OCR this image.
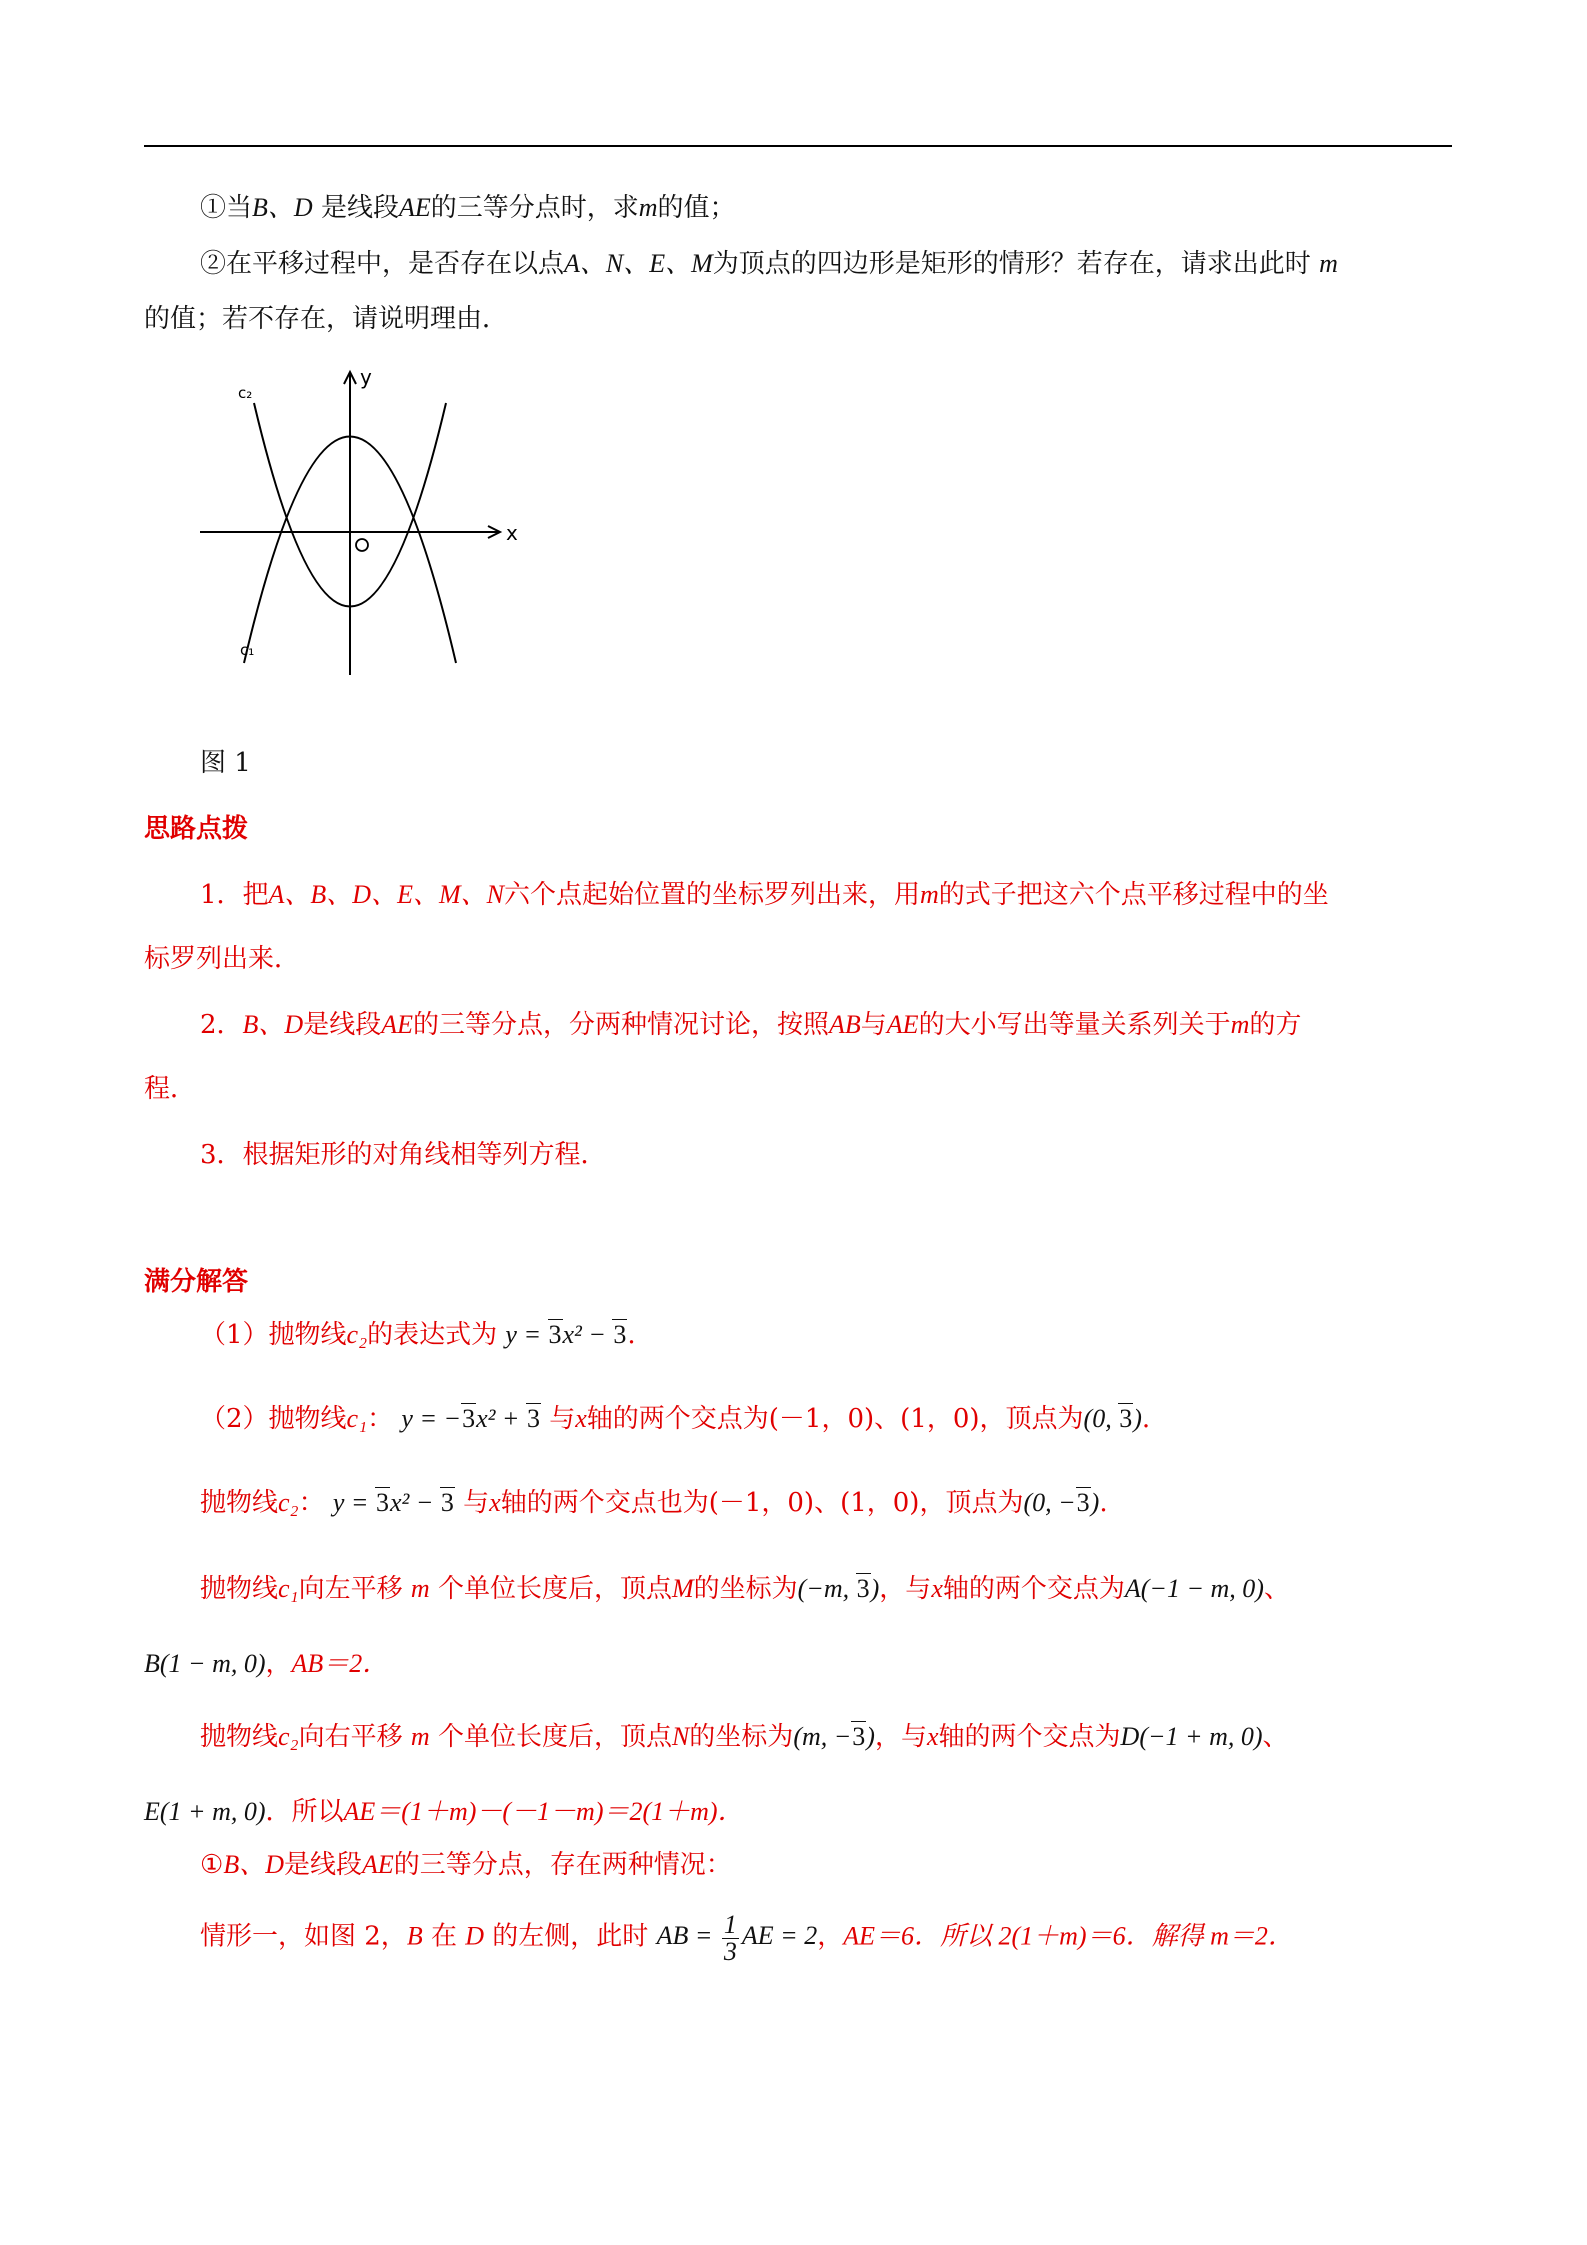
①当B、D 是线段AE的三等分点时，求m的值；
②在平移过程中，是否存在以点A、N、E、M为顶点的四边形是矩形的情形？若存在，请求出此时 m
的值；若不存在，请说明理由．
c₂
c₁
y
x
图 1
思路点拨
1．把A、B、D、E、M、N六个点起始位置的坐标罗列出来，用m的式子把这六个点平移过程中的坐
标罗列出来．
2．B、D是线段AE的三等分点，分两种情况讨论，按照AB与AE的大小写出等量关系列关于m的方
程．
3．根据矩形的对角线相等列方程．
满分解答
（1）抛物线c₂的表达式为 y = 3x² − 3.
（2）抛物线c₁： y = −3x² + 3 与x轴的两个交点为(－1，0)、(1，0)，顶点为(0, 3).
抛物线c₂： y = 3x² − 3 与x轴的两个交点也为(－1，0)、(1，0)，顶点为(0, −3).
抛物线c₁向左平移 m 个单位长度后，顶点M的坐标为(−m, 3)，与x轴的两个交点为A(−1 − m, 0)、
B(1 − m, 0)，AB＝2．
抛物线c₂向右平移 m 个单位长度后，顶点N的坐标为(m, −3)，与x轴的两个交点为D(−1 + m, 0)、
E(1 + m, 0)．所以AE＝(1＋m)－(－1－m)＝2(1＋m)．
①B、D是线段AE的三等分点，存在两种情况：
情形一，如图 2，B 在 D 的左侧，此时 AB = $\frac{1}{3}$ AE = 2，AE＝6．所以 2(1＋m)＝6．解得 m＝2．
